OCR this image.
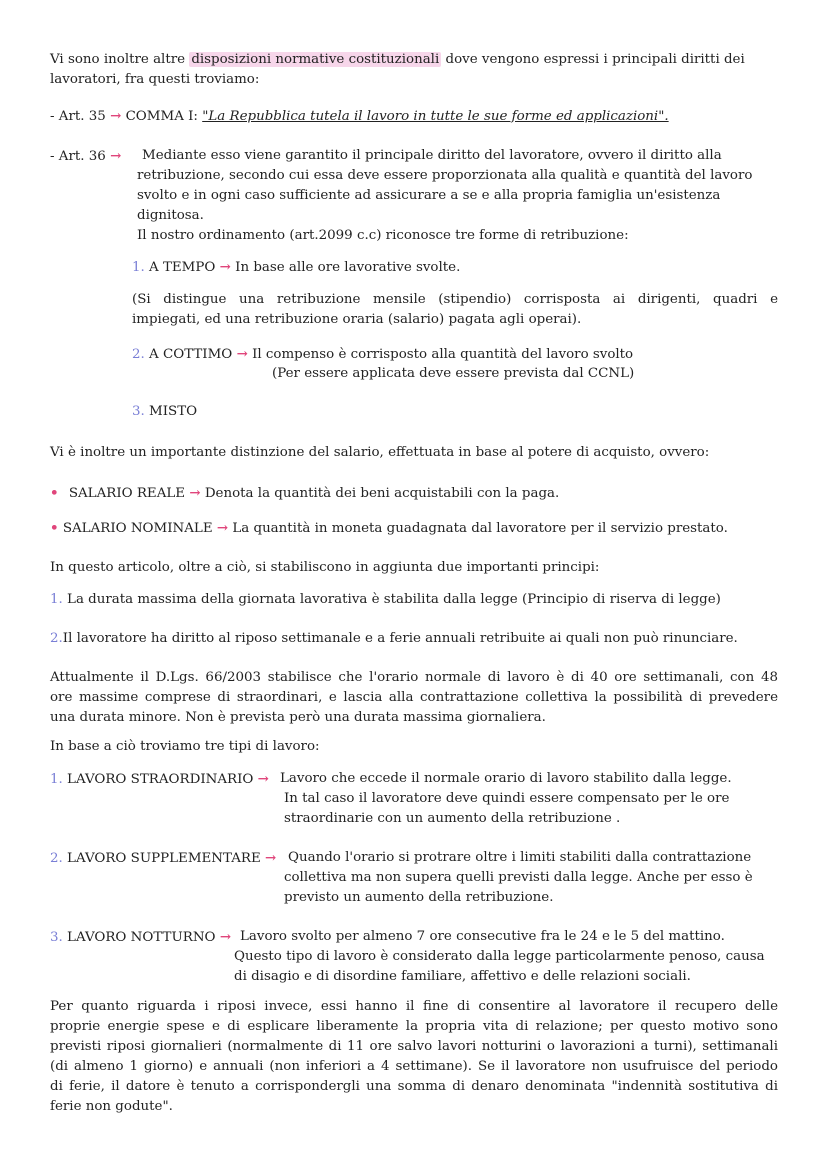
Vi sono inoltre altre disposizioni normative costituzionali dove vengono espressi i principali diritti dei
lavoratori, fra questi troviamo:
- Art. 35 → COMMA I: "La Repubblica tutela il lavoro in tutte le sue forme ed applicazioni".
- Art. 36 → Mediante esso viene garantito il principale diritto del lavoratore, ovvero il diritto alla
retribuzione, secondo cui essa deve essere proporzionata alla qualità e quantità del lavoro
svolto e in ogni caso sufficiente ad assicurare a se e alla propria famiglia un'esistenza
dignitosa.
Il nostro ordinamento (art.2099 c.c) riconosce tre forme di retribuzione:
1. A TEMPO → In base alle ore lavorative svolte.
(Si distingue una retribuzione mensile (stipendio) corrisposta ai dirigenti, quadri e
impiegati, ed una retribuzione oraria (salario) pagata agli operai).
2. A COTTIMO → Il compenso è corrisposto alla quantità del lavoro svolto
(Per essere applicata deve essere prevista dal CCNL)
3. MISTO
Vi è inoltre un importante distinzione del salario, effettuata in base al potere di acquisto, ovvero:
• SALARIO REALE → Denota la quantità dei beni acquistabili con la paga.
• SALARIO NOMINALE → La quantità in moneta guadagnata dal lavoratore per il servizio prestato.
In questo articolo, oltre a ciò, si stabiliscono in aggiunta due importanti principi:
1. La durata massima della giornata lavorativa è stabilita dalla legge (Principio di riserva di legge)
2.Il lavoratore ha diritto al riposo settimanale e a ferie annuali retribuite ai quali non può rinunciare.
Attualmente il D.Lgs. 66/2003 stabilisce che l'orario normale di lavoro è di 40 ore settimanali, con 48
ore massime comprese di straordinari, e lascia alla contrattazione collettiva la possibilità di prevedere
una durata minore. Non è prevista però una durata massima giornaliera.
In base a ciò troviamo tre tipi di lavoro:
1. LAVORO STRAORDINARIO → Lavoro che eccede il normale orario di lavoro stabilito dalla legge.
In tal caso il lavoratore deve quindi essere compensato per le ore
straordinarie con un aumento della retribuzione .
2. LAVORO SUPPLEMENTARE → Quando l'orario si protrare oltre i limiti stabiliti dalla contrattazione
collettiva ma non supera quelli previsti dalla legge. Anche per esso è
previsto un aumento della retribuzione.
3. LAVORO NOTTURNO → Lavoro svolto per almeno 7 ore consecutive fra le 24 e le 5 del mattino.
Questo tipo di lavoro è considerato dalla legge particolarmente penoso, causa
di disagio e di disordine familiare, affettivo e delle relazioni sociali.
Per quanto riguarda i riposi invece, essi hanno il fine di consentire al lavoratore il recupero delle
proprie energie spese e di esplicare liberamente la propria vita di relazione; per questo motivo sono
previsti riposi giornalieri (normalmente di 11 ore salvo lavori notturini o lavorazioni a turni), settimanali
(di almeno 1 giorno) e annuali (non inferiori a 4 settimane). Se il lavoratore non usufruisce del periodo
di ferie, il datore è tenuto a corrispondergli una somma di denaro denominata "indennità sostitutiva di
ferie non godute".
